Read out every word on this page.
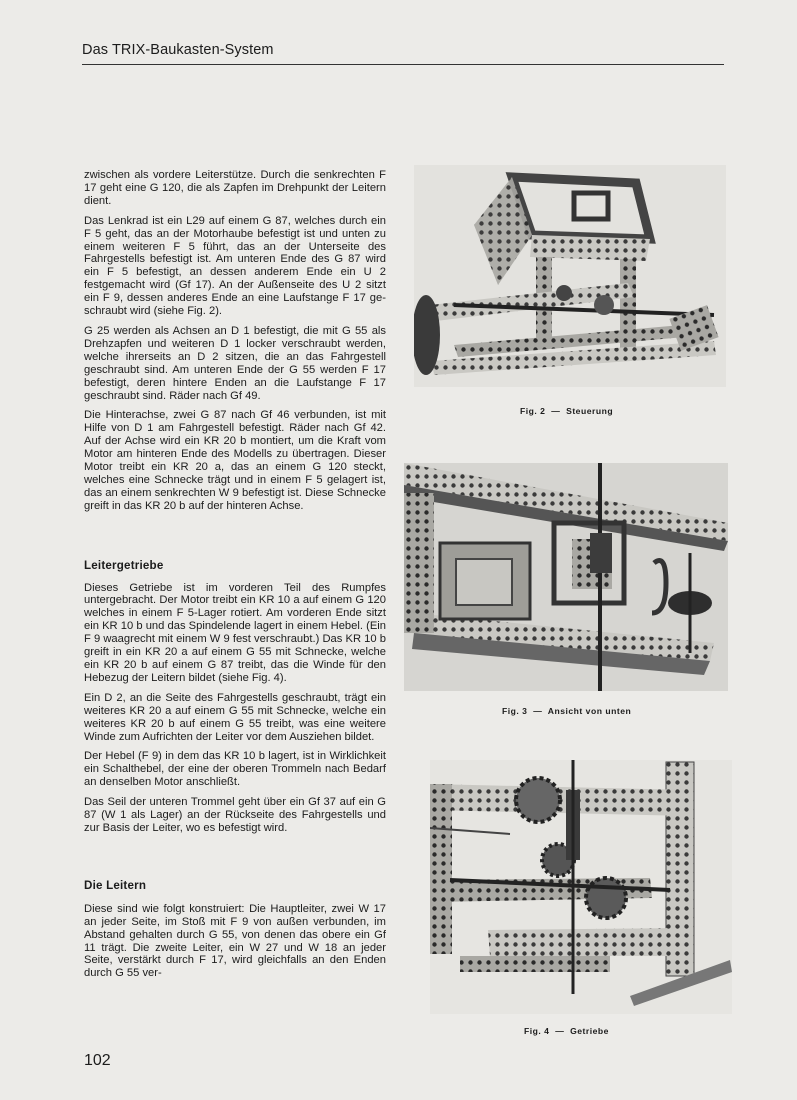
Das TRIX-Baukasten-System

zwischen als vordere Leiterstütze. Durch die senkrechten F 17 geht eine G 120, die als Zapfen im Drehpunkt der Leitern dient.

Das Lenkrad ist ein L29 auf einem G 87, welches durch ein F 5 geht, das an der Motorhaube befestigt ist und unten zu einem weiteren F 5 führt, das an der Unterseite des Fahrgestells befestigt ist. Am unteren Ende des G 87 wird ein F 5 befestigt, an dessen anderem Ende ein U 2 festgemacht wird (Gf 17). An der Außenseite des U 2 sitzt ein F 9, dessen anderes Ende an eine Laufstange F 17 geschraubt wird (siehe Fig. 2).

G 25 werden als Achsen an D 1 befestigt, die mit G 55 als Drehzapfen und weiteren D 1 locker verschraubt werden, welche ihrerseits an D 2 sitzen, die an das Fahrgestell geschraubt sind. Am unteren Ende der G 55 werden F 17 befestigt, deren hintere Enden an die Laufstange F 17 geschraubt sind. Räder nach Gf 49.

Die Hinterachse, zwei G 87 nach Gf 46 verbunden, ist mit Hilfe von D 1 am Fahrgestell befestigt. Räder nach Gf 42. Auf der Achse wird ein KR 20 b montiert, um die Kraft vom Motor am hinteren Ende des Modells zu übertragen. Dieser Motor treibt ein KR 20 a, das an einem G 120 steckt, welches eine Schnecke trägt und in einem F 5 gelagert ist, das an einem senkrechten W 9 befestigt ist. Diese Schnecke greift in das KR 20 b auf der hinteren Achse.

Leitergetriebe

Dieses Getriebe ist im vorderen Teil des Rumpfes untergebracht. Der Motor treibt ein KR 10 a auf einem G 120 welches in einem F 5-Lager rotiert. Am vorderen Ende sitzt ein KR 10 b und das Spindelende lagert in einem Hebel. (Ein F 9 waagrecht mit einem W 9 fest verschraubt.) Das KR 10 b greift in ein KR 20 a auf einem G 55 mit Schnecke, welche ein KR 20 b auf einem G 87 treibt, das die Winde für den Hebezug der Leitern bildet (siehe Fig. 4).

Ein D 2, an die Seite des Fahrgestells geschraubt, trägt ein weiteres KR 20 a auf einem G 55 mit Schnecke, welche ein weiteres KR 20 b auf einem G 55 treibt, was eine weitere Winde zum Aufrichten der Leiter vor dem Ausziehen bildet.

Der Hebel (F 9) in dem das KR 10 b lagert, ist in Wirklichkeit ein Schalthebel, der eine der oberen Trommeln nach Bedarf an denselben Motor anschließt.

Das Seil der unteren Trommel geht über ein Gf 37 auf ein G 87 (W 1 als Lager) an der Rückseite des Fahrgestells und zur Basis der Leiter, wo es befestigt wird.

Die Leitern

Diese sind wie folgt konstruiert: Die Hauptleiter, zwei W 17 an jeder Seite, im Stoß mit F 9 von außen verbunden, im Abstand gehalten durch G 55, von denen das obere ein Gf 11 trägt. Die zweite Leiter, ein W 27 und W 18 an jeder Seite, verstärkt durch F 17, wird gleichfalls an den Enden durch G 55 ver-

Fig. 2  —  Steuerung
Fig. 3  —  Ansicht von unten
Fig. 4  —  Getriebe
102
